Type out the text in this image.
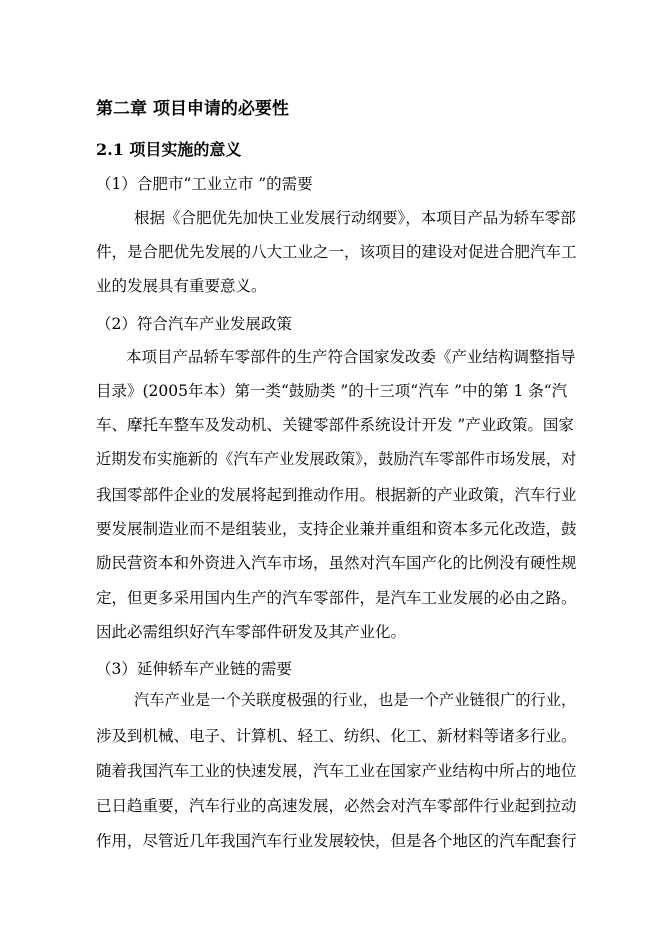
第二章 项目申请的必要性
2.1 项目实施的意义
（1）合肥市“工业立市 ”的需要
根据《合肥优先加快工业发展行动纲要》，本项目产品为轿车零部
件，是合肥优先发展的八大工业之一，该项目的建设对促进合肥汽车工
业的发展具有重要意义。
（2）符合汽车产业发展政策
本项目产品轿车零部件的生产符合国家发改委《产业结构调整指导
目录》(2005年本）第一类“鼓励类 ”的十三项“汽车 ”中的第 1 条“汽
车、摩托车整车及发动机、关键零部件系统设计开发 ”产业政策。国家
近期发布实施新的《汽车产业发展政策》，鼓励汽车零部件市场发展，对
我国零部件企业的发展将起到推动作用。根据新的产业政策，汽车行业
要发展制造业而不是组装业，支持企业兼并重组和资本多元化改造，鼓
励民营资本和外资进入汽车市场，虽然对汽车国产化的比例没有硬性规
定，但更多采用国内生产的汽车零部件，是汽车工业发展的必由之路。
因此必需组织好汽车零部件研发及其产业化。
（3）延伸轿车产业链的需要
汽车产业是一个关联度极强的行业，也是一个产业链很广的行业，
涉及到机械、电子、计算机、轻工、纺织、化工、新材料等诸多行业。
随着我国汽车工业的快速发展，汽车工业在国家产业结构中所占的地位
已日趋重要，汽车行业的高速发展，必然会对汽车零部件行业起到拉动
作用，尽管近几年我国汽车行业发展较快，但是各个地区的汽车配套行
